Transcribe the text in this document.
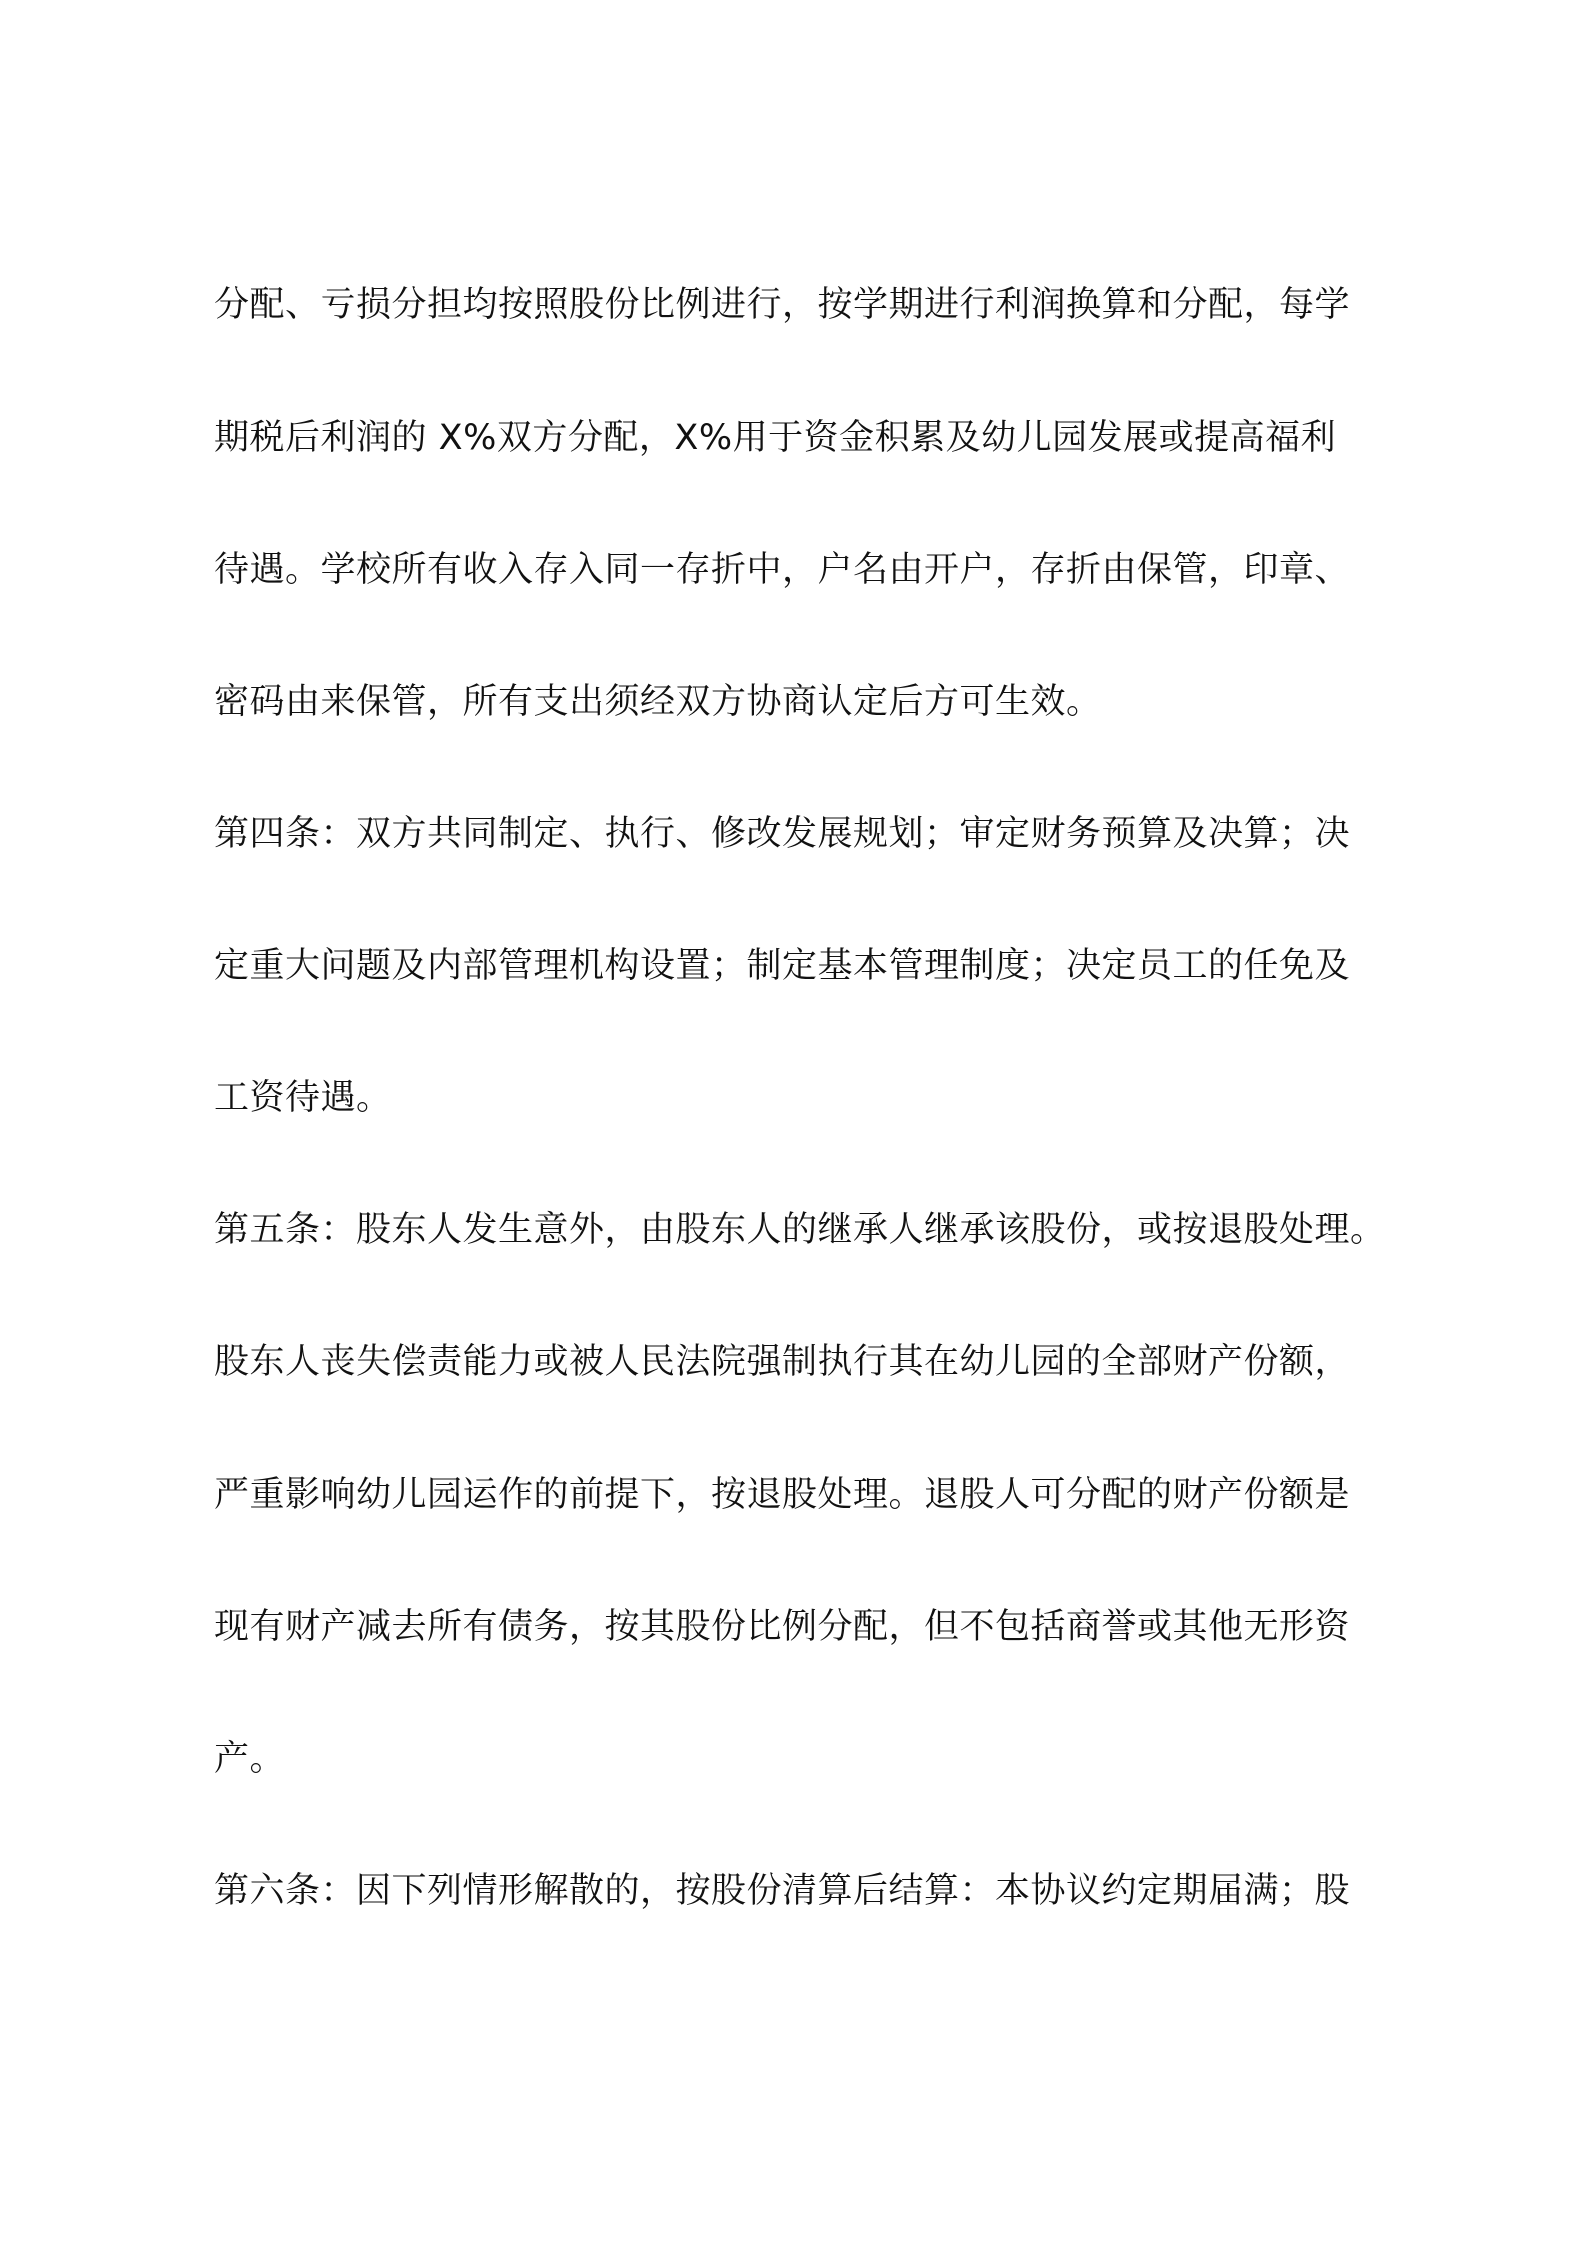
分配、亏损分担均按照股份比例进行，按学期进行利润换算和分配，每学
期税后利润的 X%双方分配，X%用于资金积累及幼儿园发展或提高福利
待遇。学校所有收入存入同一存折中，户名由开户，存折由保管，印章、
密码由来保管，所有支出须经双方协商认定后方可生效。
第四条：双方共同制定、执行、修改发展规划；审定财务预算及决算；决
定重大问题及内部管理机构设置；制定基本管理制度；决定员工的任免及
工资待遇。
第五条：股东人发生意外，由股东人的继承人继承该股份，或按退股处理。
股东人丧失偿责能力或被人民法院强制执行其在幼儿园的全部财产份额，
严重影响幼儿园运作的前提下，按退股处理。退股人可分配的财产份额是
现有财产减去所有债务，按其股份比例分配，但不包括商誉或其他无形资
产。
第六条：因下列情形解散的，按股份清算后结算：本协议约定期届满；股
